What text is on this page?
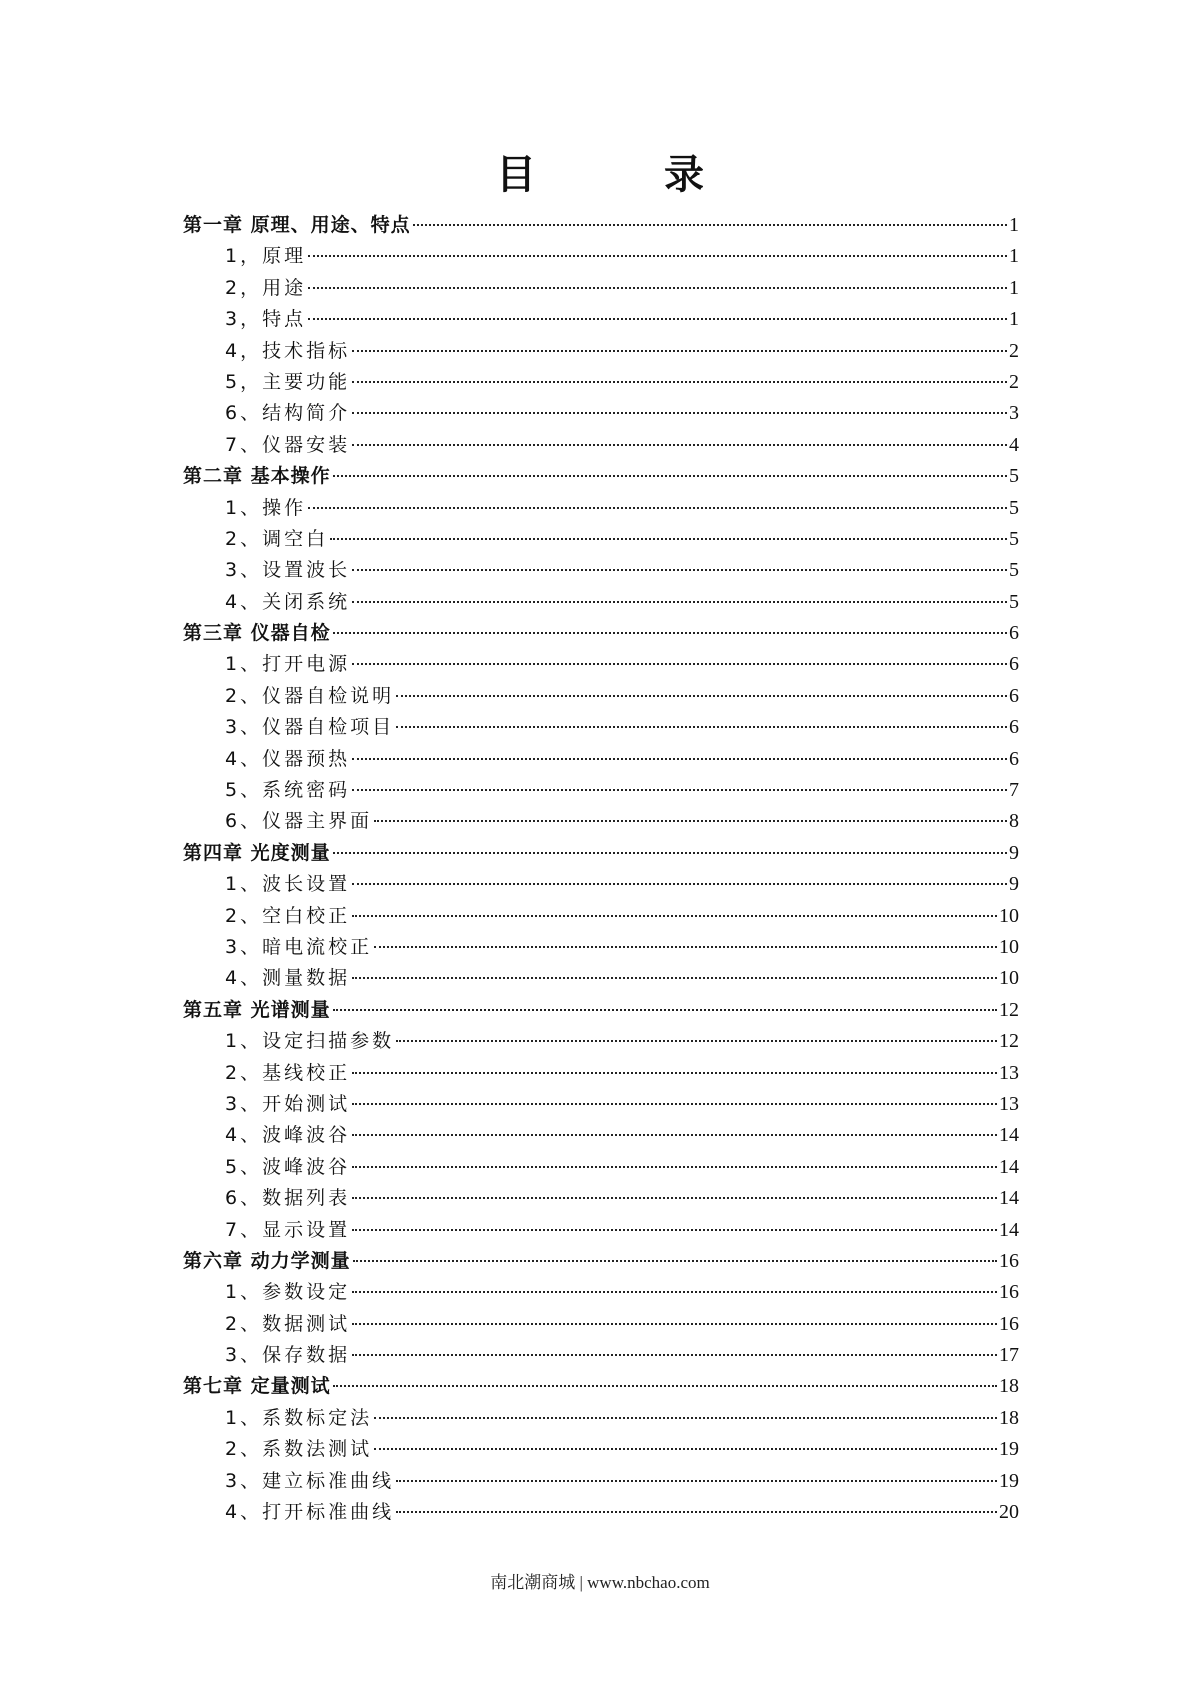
目　录
第一章 原理、用途、特点	1
1，原理	1
2，用途	1
3，特点	1
4，技术指标	2
5，主要功能	2
6、结构简介	3
7、仪器安装	4
第二章 基本操作	5
1、操作	5
2、调空白	5
3、设置波长	5
4、关闭系统	5
第三章 仪器自检	6
1、打开电源	6
2、仪器自检说明	6
3、仪器自检项目	6
4、仪器预热	6
5、系统密码	7
6、仪器主界面	8
第四章 光度测量	9
1、波长设置	9
2、空白校正	10
3、暗电流校正	10
4、测量数据	10
第五章 光谱测量	12
1、设定扫描参数	12
2、基线校正	13
3、开始测试	13
4、波峰波谷	14
5、波峰波谷	14
6、数据列表	14
7、显示设置	14
第六章 动力学测量	16
1、参数设定	16
2、数据测试	16
3、保存数据	17
第七章 定量测试	18
1、系数标定法	18
2、系数法测试	19
3、建立标准曲线	19
4、打开标准曲线	20
南北潮商城 | www.nbchao.com
